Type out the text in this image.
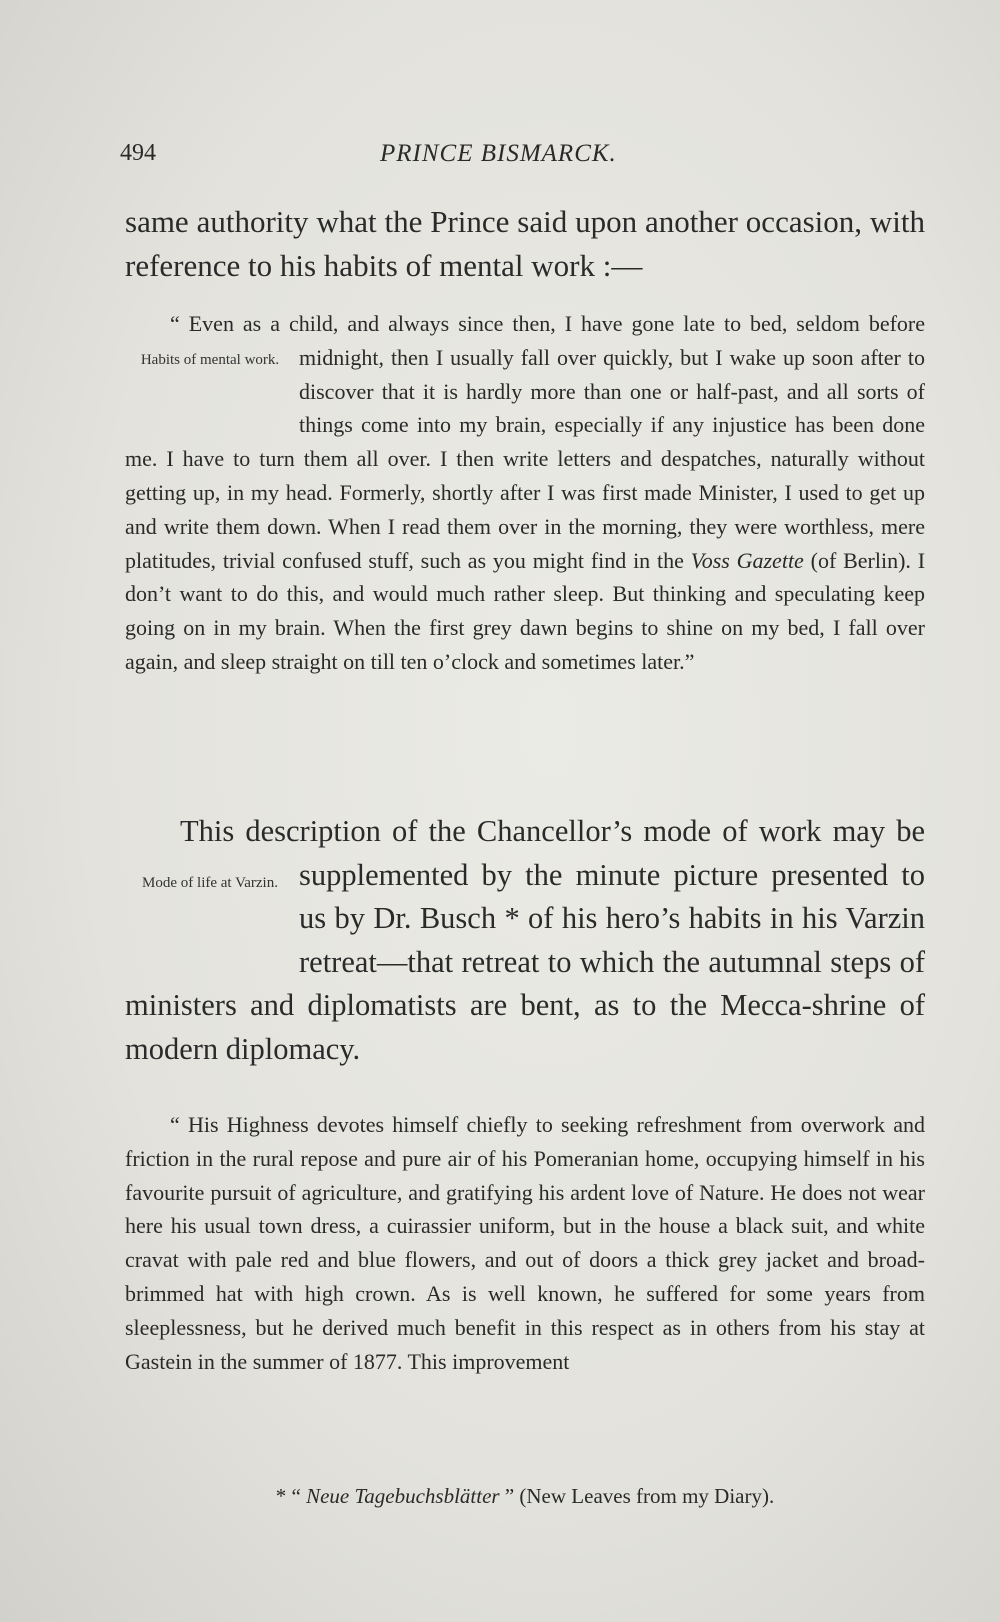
494	PRINCE BISMARCK.
same authority what the Prince said upon another occasion, with reference to his habits of mental work :—
“ Even as a child, and always since then, I have gone late to bed, seldom before midnight, then I usually fall over quickly, but I
Habits of mental work.	wake up soon after to discover that it is hardly more than one or half-past, and all sorts of things come into my brain, especially if any injustice has been done me. I have to turn them all over. I then write letters and despatches, naturally without getting up, in my head. Formerly, shortly after I was first made Minister, I used to get up and write them down. When I read them over in the morning, they were worthless, mere platitudes, trivial confused stuff, such as you might find in the Voss Gazette (of Berlin). I don’t want to do this, and would much rather sleep. But thinking and speculating keep going on in my brain. When the first grey dawn begins to shine on my bed, I fall over again, and sleep straight on till ten o’clock and sometimes later.”
This description of the Chancellor’s mode of work may be supplemented by the minute picture presented
Mode of life at Varzin.	to us by Dr. Busch * of his hero’s habits in his Varzin retreat—that retreat to which the autumnal steps of ministers and diplomatists are bent, as to the Mecca-shrine of modern diplomacy.
“ His Highness devotes himself chiefly to seeking refreshment from overwork and friction in the rural repose and pure air of his Pomeranian home, occupying himself in his favourite pursuit of agriculture, and gratifying his ardent love of Nature. He does not wear here his usual town dress, a cuirassier uniform, but in the house a black suit, and white cravat with pale red and blue flowers, and out of doors a thick grey jacket and broad-brimmed hat with high crown. As is well known, he suffered for some years from sleeplessness, but he derived much benefit in this respect as in others from his stay at Gastein in the summer of 1877. This improvement
* “ Neue Tagebuchsblätter ” (New Leaves from my Diary).
